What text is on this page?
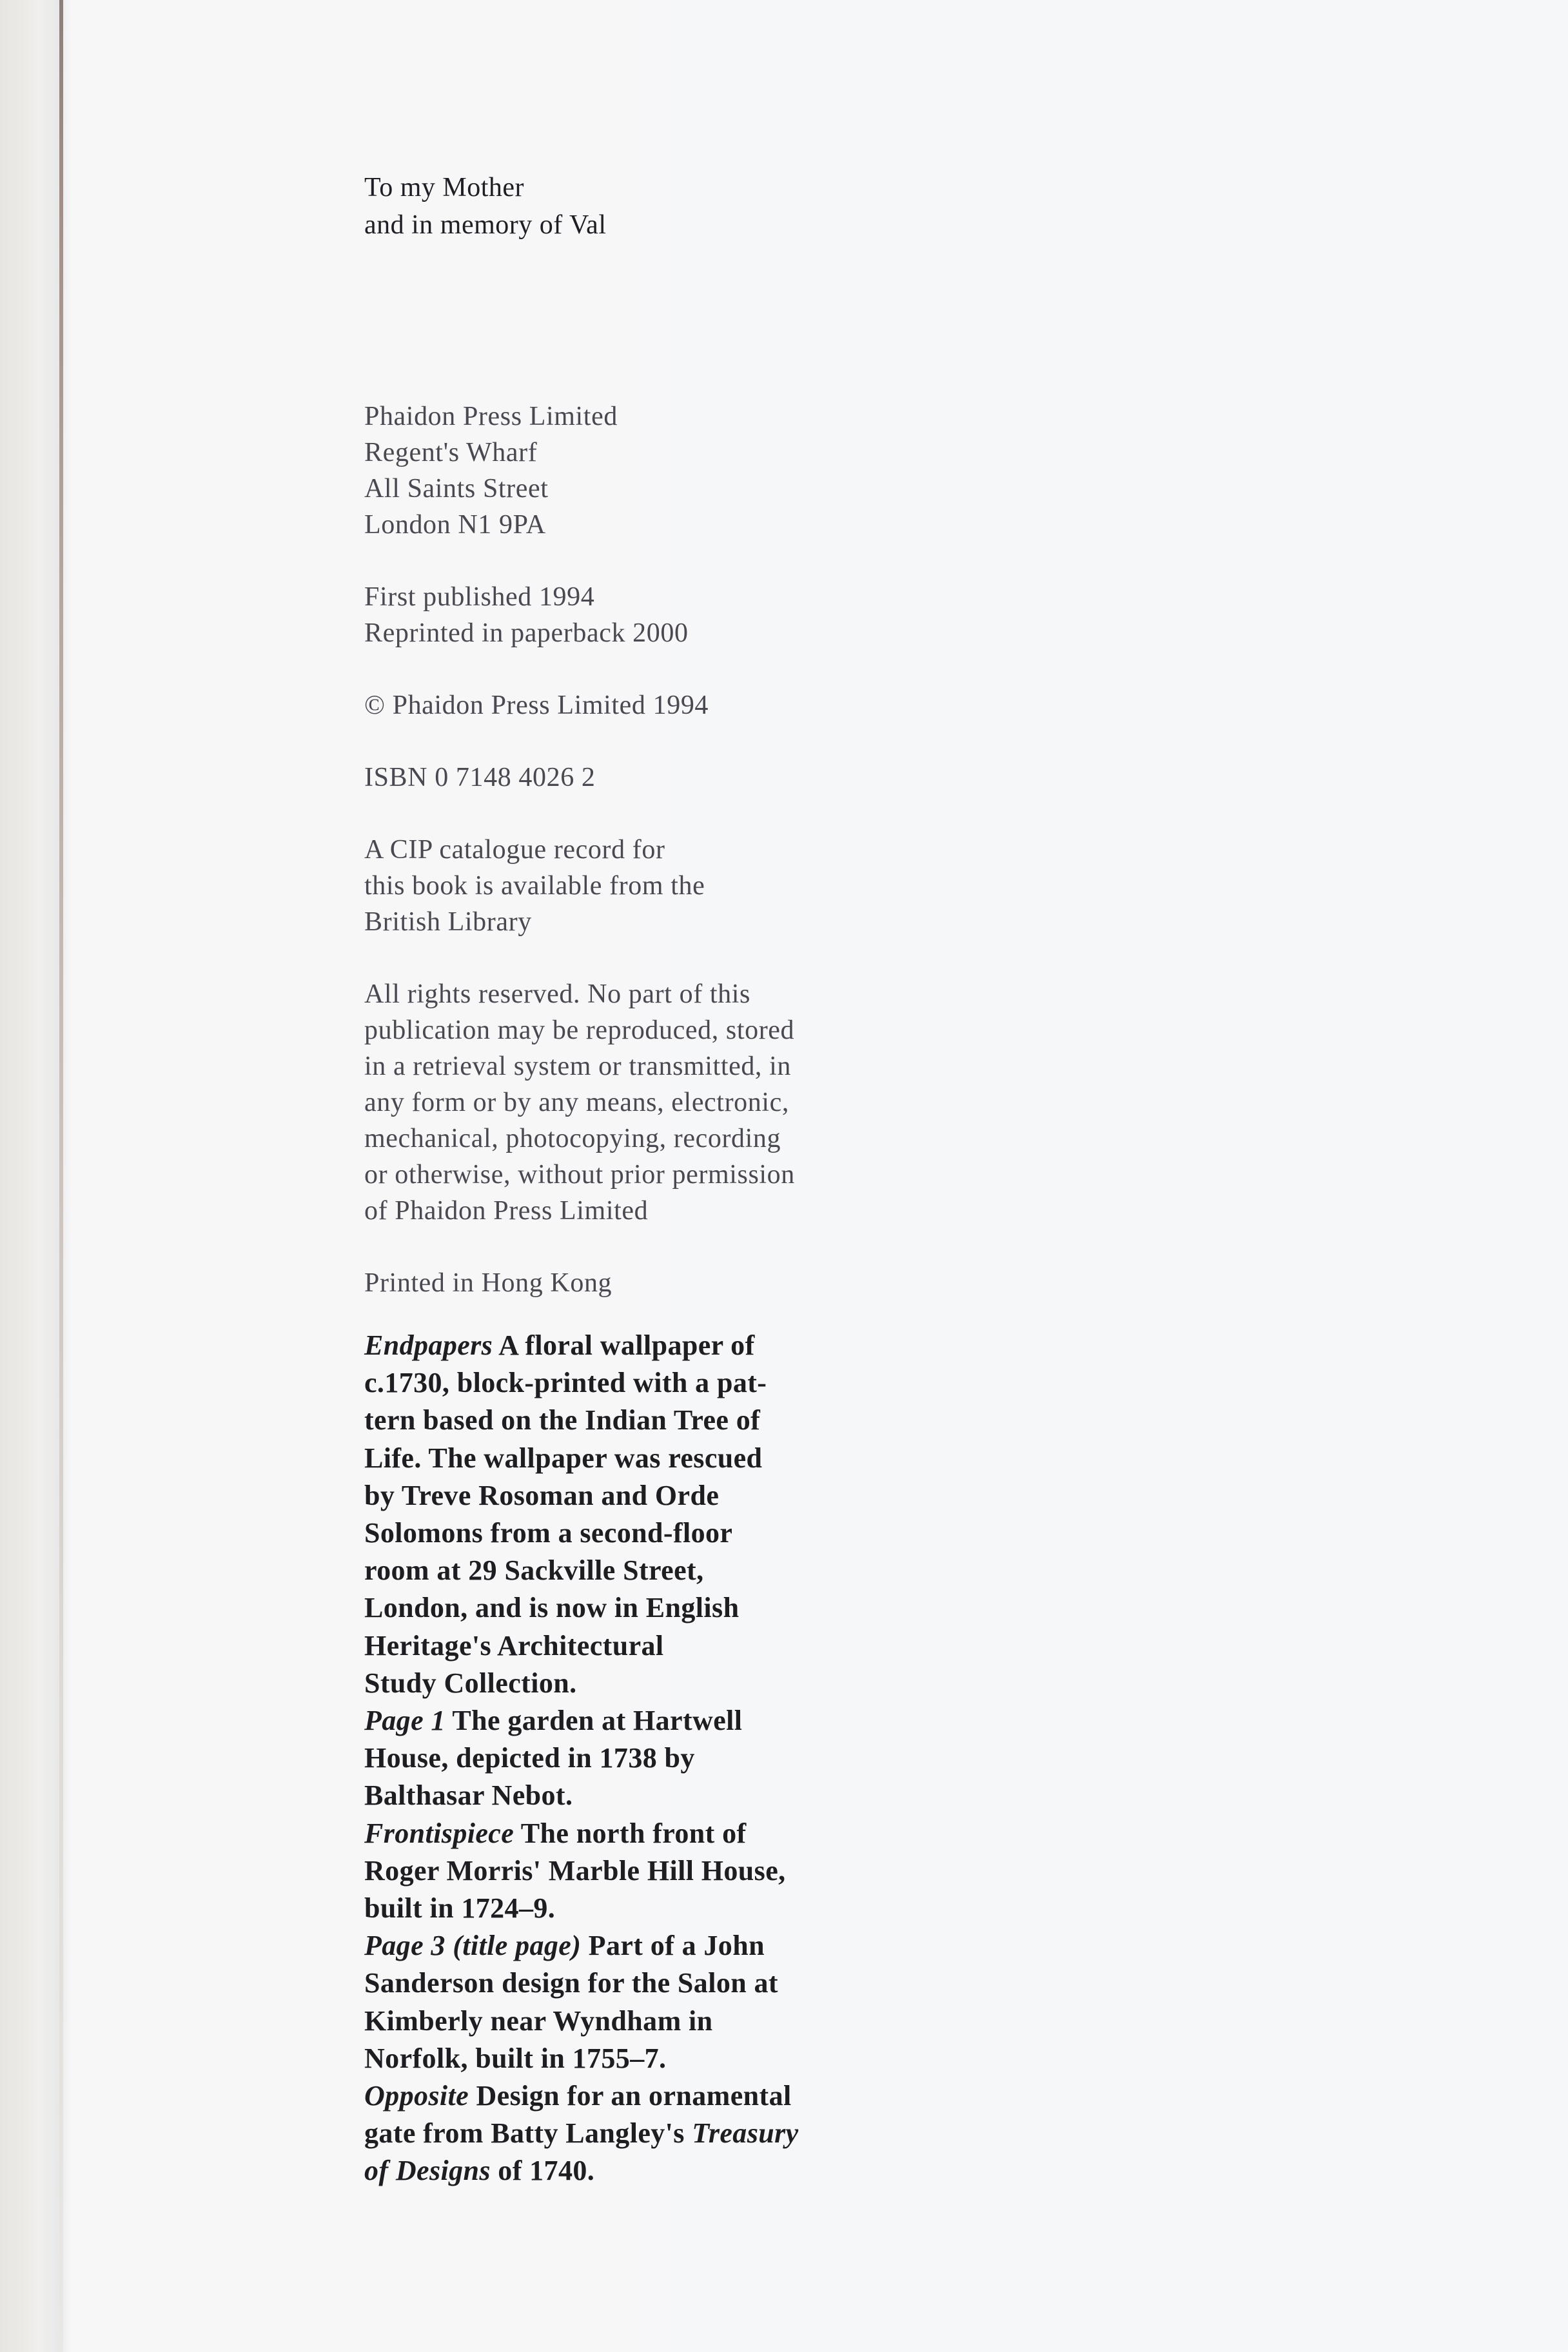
To my Mother
and in memory of Val
Phaidon Press Limited
Regent's Wharf
All Saints Street
London N1 9PA
First published 1994
Reprinted in paperback 2000
© Phaidon Press Limited 1994
ISBN 0 7148 4026 2
A CIP catalogue record for
this book is available from the
British Library
All rights reserved. No part of this
publication may be reproduced, stored
in a retrieval system or transmitted, in
any form or by any means, electronic,
mechanical, photocopying, recording
or otherwise, without prior permission
of Phaidon Press Limited
Printed in Hong Kong
Endpapers A floral wallpaper of
c.1730, block-printed with a pat-
tern based on the Indian Tree of
Life. The wallpaper was rescued
by Treve Rosoman and Orde
Solomons from a second-floor
room at 29 Sackville Street,
London, and is now in English
Heritage's Architectural
Study Collection.
Page 1 The garden at Hartwell
House, depicted in 1738 by
Balthasar Nebot.
Frontispiece The north front of
Roger Morris' Marble Hill House,
built in 1724–9.
Page 3 (title page) Part of a John
Sanderson design for the Salon at
Kimberly near Wyndham in
Norfolk, built in 1755–7.
Opposite Design for an ornamental
gate from Batty Langley's Treasury
of Designs of 1740.
